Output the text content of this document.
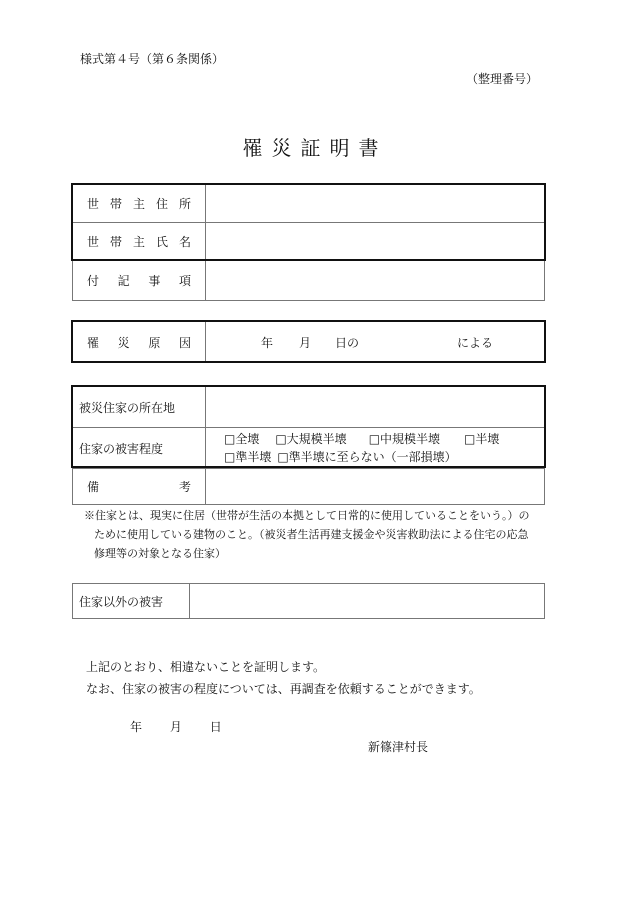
様式第４号（第６条関係）
（整理番号）
罹災証明書
世帯主住所	
世帯主氏名	
付記事項	
罹災原因	年 月 日の	による
被災住家の所在地	
住家の被害程度	□全壊 □大規模半壊 □中規模半壊 □半壊
□準半壊 □準半壊に至らない（一部損壊）

備考	
※住家とは、現実に住居（世帯が生活の本拠として日常的に使用していることをいう。）の
ために使用している建物のこと。（被災者生活再建支援金や災害救助法による住宅の応急
修理等の対象となる住家）
住家以外の被害	
上記のとおり、相違ないことを証明します。
なお、住家の被害の程度については、再調査を依頼することができます。
年 月 日
新篠津村長
